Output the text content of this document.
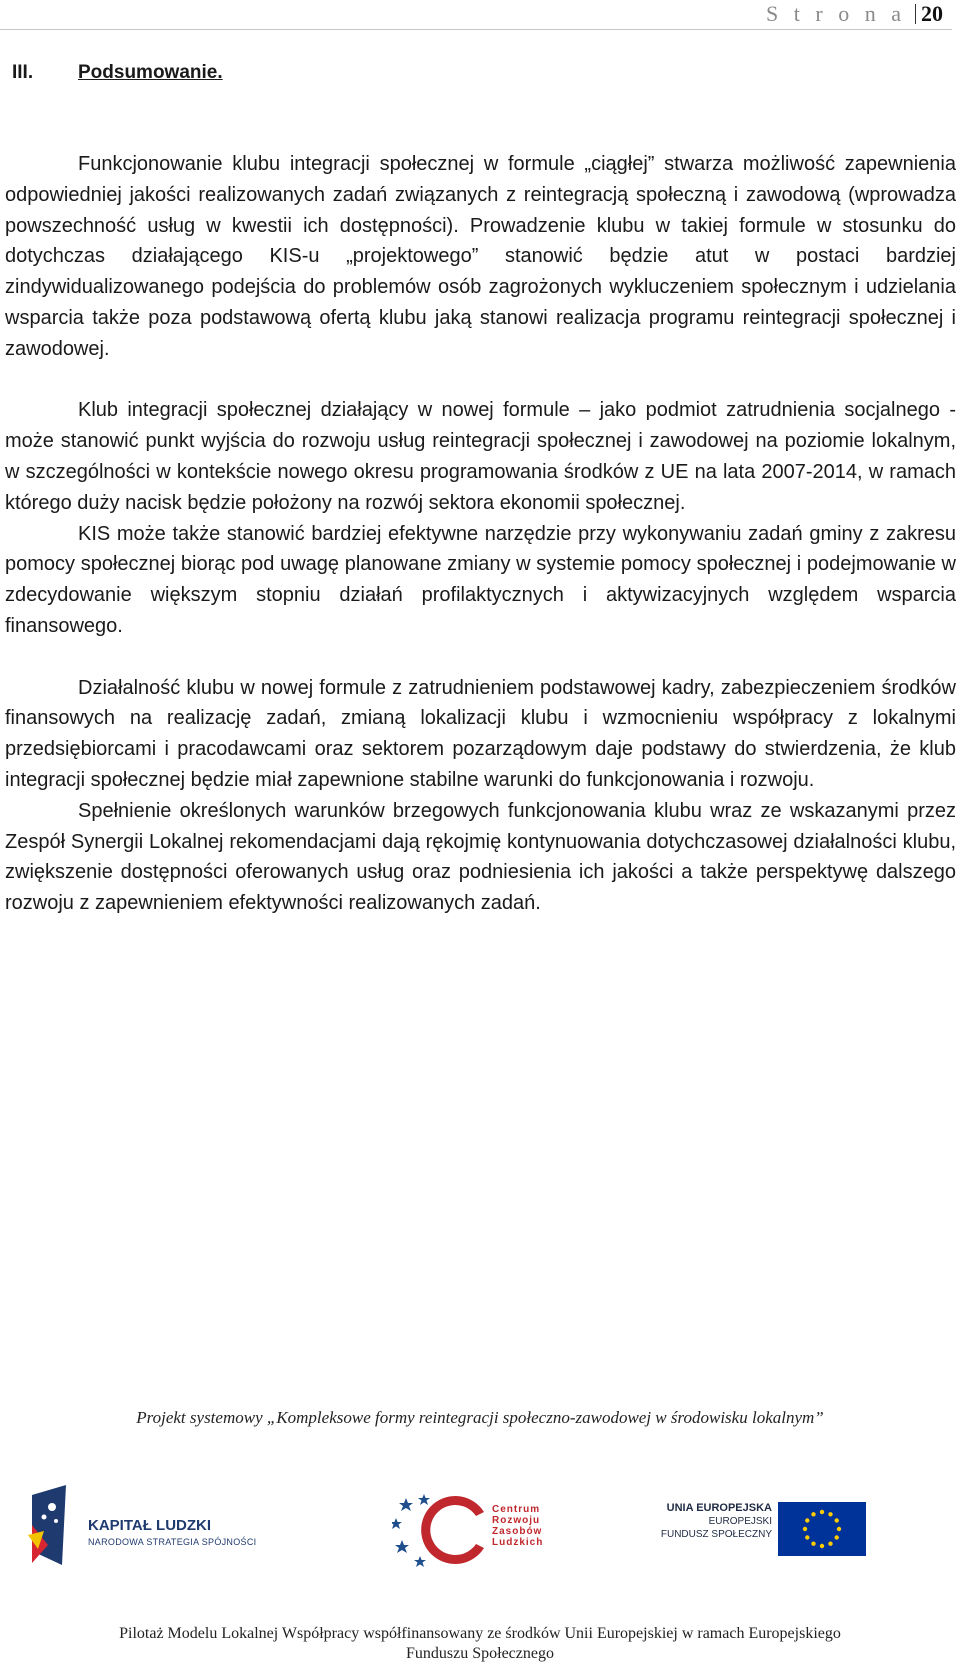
S t r o n a 20
III. Podsumowanie.

Funkcjonowanie klubu integracji społecznej w formule „ciągłej” stwarza możliwość zapewnienia odpowiedniej jakości realizowanych zadań związanych z reintegracją społeczną i zawodową (wprowadza powszechność usług w kwestii ich dostępności). Prowadzenie klubu w takiej formule w stosunku do dotychczas działającego KIS-u „projektowego” stanowić będzie atut w postaci bardziej zindywidualizowanego podejścia do problemów osób zagrożonych wykluczeniem społecznym i udzielania wsparcia także poza podstawową ofertą klubu jaką stanowi realizacja programu reintegracji społecznej i zawodowej.

Klub integracji społecznej działający w nowej formule – jako podmiot zatrudnienia socjalnego - może stanowić punkt wyjścia do rozwoju usług reintegracji społecznej i zawodowej na poziomie lokalnym, w szczególności w kontekście nowego okresu programowania środków z UE na lata 2007-2014, w ramach którego duży nacisk będzie położony na rozwój sektora ekonomii społecznej.

KIS może także stanowić bardziej efektywne narzędzie przy wykonywaniu zadań gminy z zakresu pomocy społecznej biorąc pod uwagę planowane zmiany w systemie pomocy społecznej i podejmowanie w zdecydowanie większym stopniu działań profilaktycznych i aktywizacyjnych względem wsparcia finansowego.

Działalność klubu w nowej formule z zatrudnieniem podstawowej kadry, zabezpieczeniem środków finansowych na realizację zadań, zmianą lokalizacji klubu i wzmocnieniu współpracy z lokalnymi przedsiębiorcami i pracodawcami oraz sektorem pozarządowym daje podstawy do stwierdzenia, że klub integracji społecznej będzie miał zapewnione stabilne warunki do funkcjonowania i rozwoju.

Spełnienie określonych warunków brzegowych funkcjonowania klubu wraz ze wskazanymi przez Zespół Synergii Lokalnej rekomendacjami dają rękojmię kontynuowania dotychczasowej działalności klubu, zwiększenie dostępności oferowanych usług oraz podniesienia ich jakości a także perspektywę dalszego rozwoju z zapewnieniem efektywności realizowanych zadań.

Projekt systemowy „Kompleksowe formy reintegracji społeczno-zawodowej w środowisku lokalnym”
KAPITAŁ LUDZKI
NARODOWA STRATEGIA SPÓJNOŚCI
Centrum
Rozwoju
Zasobów
Ludzkich
UNIA EUROPEJSKA
EUROPEJSKI
FUNDUSZ SPOŁECZNY
Pilotaż Modelu Lokalnej Współpracy współfinansowany ze środków Unii Europejskiej w ramach Europejskiego
Funduszu Społecznego
